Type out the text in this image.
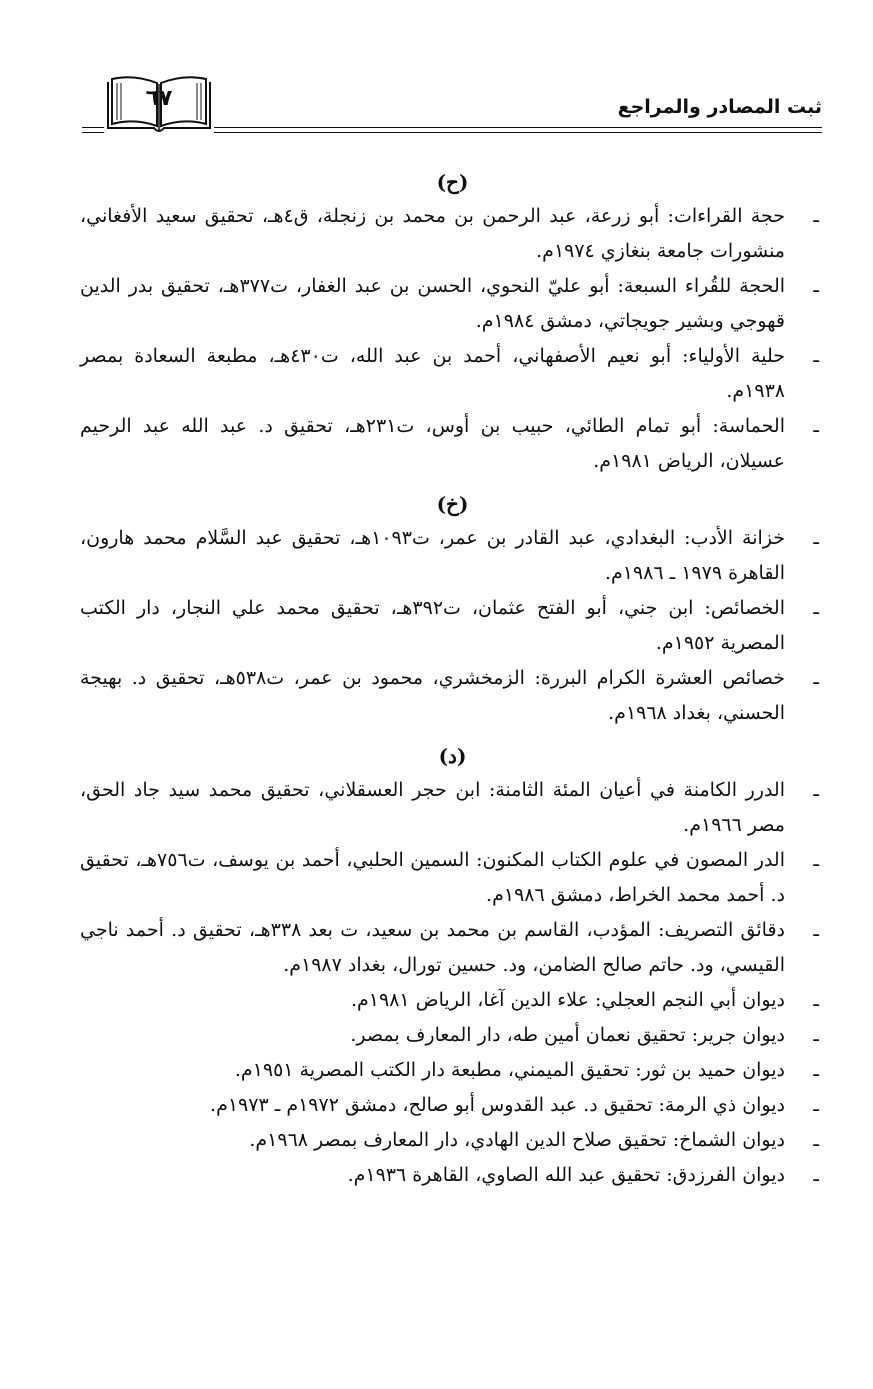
ثبت المصادر والمراجع
٦٧
(ح)
ـ
حجة القراءات: أبو زرعة، عبد الرحمن بن محمد بن زنجلة، ق٤هـ، تحقيق سعيد الأفغاني، منشورات جامعة بنغازي ١٩٧٤م.
ـ
الحجة للقُراء السبعة: أبو عليّ النحوي، الحسن بن عبد الغفار، ت٣٧٧هـ، تحقيق بدر الدين قهوجي وبشير جويجاتي، دمشق ١٩٨٤م.
ـ
حلية الأولياء: أبو نعيم الأصفهاني، أحمد بن عبد الله، ت٤٣٠هـ، مطبعة السعادة بمصر ١٩٣٨م.
ـ
الحماسة: أبو تمام الطائي، حبيب بن أوس، ت٢٣١هـ، تحقيق د. عبد الله عبد الرحيم عسيلان، الرياض ١٩٨١م.
(خ)
ـ
خزانة الأدب: البغدادي، عبد القادر بن عمر، ت١٠٩٣هـ، تحقيق عبد السَّلام محمد هارون، القاهرة ١٩٧٩ ـ ١٩٨٦م.
ـ
الخصائص: ابن جني، أبو الفتح عثمان، ت٣٩٢هـ، تحقيق محمد علي النجار، دار الكتب المصرية ١٩٥٢م.
ـ
خصائص العشرة الكرام البررة: الزمخشري، محمود بن عمر، ت٥٣٨هـ، تحقيق د. بهيجة الحسني، بغداد ١٩٦٨م.
(د)
ـ
الدرر الكامنة في أعيان المئة الثامنة: ابن حجر العسقلاني، تحقيق محمد سيد جاد الحق، مصر ١٩٦٦م.
ـ
الدر المصون في علوم الكتاب المكنون: السمين الحلبي، أحمد بن يوسف، ت٧٥٦هـ، تحقيق د. أحمد محمد الخراط، دمشق ١٩٨٦م.
ـ
دقائق التصريف: المؤدب، القاسم بن محمد بن سعيد، ت بعد ٣٣٨هـ، تحقيق د. أحمد ناجي القيسي، ود. حاتم صالح الضامن، ود. حسين تورال، بغداد ١٩٨٧م.
ـ
ديوان أبي النجم العجلي: علاء الدين آغا، الرياض ١٩٨١م.
ـ
ديوان جرير: تحقيق نعمان أمين طه، دار المعارف بمصر.
ـ
ديوان حميد بن ثور: تحقيق الميمني، مطبعة دار الكتب المصرية ١٩٥١م.
ـ
ديوان ذي الرمة: تحقيق د. عبد القدوس أبو صالح، دمشق ١٩٧٢م ـ ١٩٧٣م.
ـ
ديوان الشماخ: تحقيق صلاح الدين الهادي، دار المعارف بمصر ١٩٦٨م.
ـ
ديوان الفرزدق: تحقيق عبد الله الصاوي، القاهرة ١٩٣٦م.
